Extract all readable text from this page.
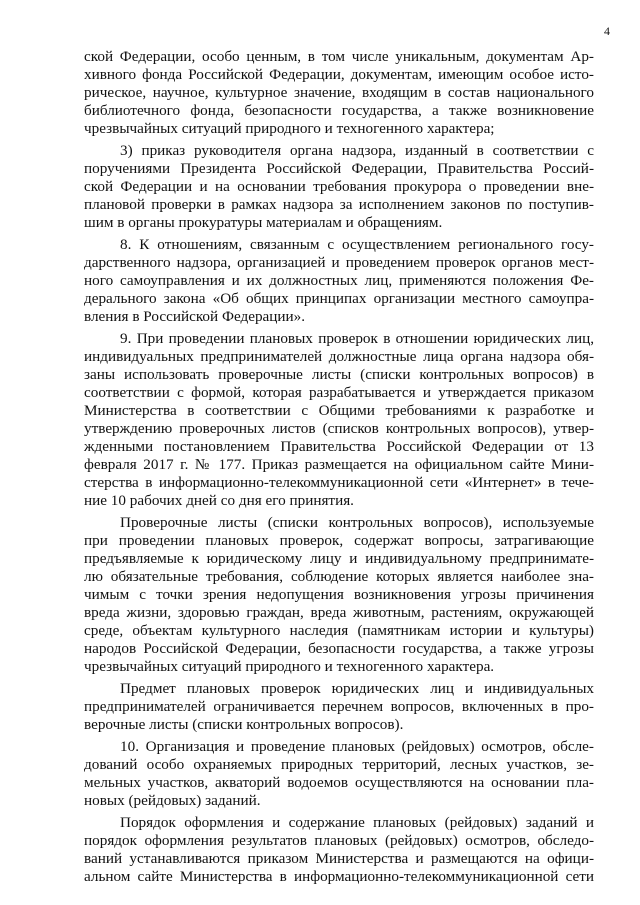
4
ской Федерации, особо ценным, в том числе уникальным, документам Ар-
хивного фонда Российской Федерации, документам, имеющим особое исто-
рическое, научное, культурное значение, входящим в состав национального
библиотечного фонда, безопасности государства, а также возникновение
чрезвычайных ситуаций природного и техногенного характера;
3) приказ руководителя органа надзора, изданный в соответствии с
поручениями Президента Российской Федерации, Правительства Россий-
ской Федерации и на основании требования прокурора о проведении вне-
плановой проверки в рамках надзора за исполнением законов по поступив-
шим в органы прокуратуры материалам и обращениям.
8. К отношениям, связанным с осуществлением регионального госу-
дарственного надзора, организацией и проведением проверок органов мест-
ного самоуправления и их должностных лиц, применяются положения Фе-
дерального закона «Об общих принципах организации местного самоупра-
вления в Российской Федерации».
9. При проведении плановых проверок в отношении юридических лиц,
индивидуальных предпринимателей должностные лица органа надзора обя-
заны использовать проверочные листы (списки контрольных вопросов) в
соответствии с формой, которая разрабатывается и утверждается приказом
Министерства в соответствии с Общими требованиями к разработке и
утверждению проверочных листов (списков контрольных вопросов), утвер-
жденными постановлением Правительства Российской Федерации от 13
февраля 2017 г. № 177. Приказ размещается на официальном сайте Мини-
стерства в информационно-телекоммуникационной сети «Интернет» в тече-
ние 10 рабочих дней со дня его принятия.
Проверочные листы (списки контрольных вопросов), используемые
при проведении плановых проверок, содержат вопросы, затрагивающие
предъявляемые к юридическому лицу и индивидуальному предпринимате-
лю обязательные требования, соблюдение которых является наиболее зна-
чимым с точки зрения недопущения возникновения угрозы причинения
вреда жизни, здоровью граждан, вреда животным, растениям, окружающей
среде, объектам культурного наследия (памятникам истории и культуры)
народов Российской Федерации, безопасности государства, а также угрозы
чрезвычайных ситуаций природного и техногенного характера.
Предмет плановых проверок юридических лиц и индивидуальных
предпринимателей ограничивается перечнем вопросов, включенных в про-
верочные листы (списки контрольных вопросов).
10. Организация и проведение плановых (рейдовых) осмотров, обсле-
дований особо охраняемых природных территорий, лесных участков, зе-
мельных участков, акваторий водоемов осуществляются на основании пла-
новых (рейдовых) заданий.
Порядок оформления и содержание плановых (рейдовых) заданий и
порядок оформления результатов плановых (рейдовых) осмотров, обследо-
ваний устанавливаются приказом Министерства и размещаются на офици-
альном сайте Министерства в информационно-телекоммуникационной сети
